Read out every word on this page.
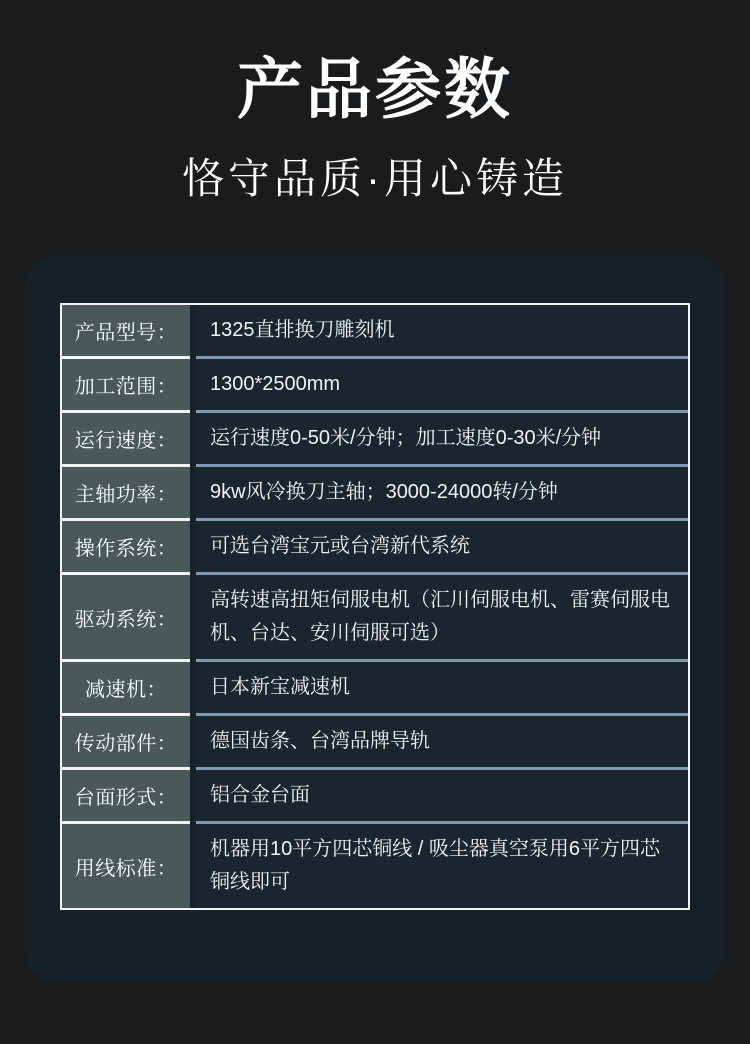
产品参数
恪守品质·用心铸造
产品型号：	1325直排换刀雕刻机
加工范围：	1300*2500mm
运行速度：	运行速度0-50米/分钟；加工速度0-30米/分钟
主轴功率：	9kw风冷换刀主轴；3000-24000转/分钟
操作系统：	可选台湾宝元或台湾新代系统
驱动系统：
高转速高扭矩伺服电机（汇川伺服电机、雷赛伺服电机、台达、安川伺服可选）
减速机：	日本新宝减速机
传动部件：	德国齿条、台湾品牌导轨
台面形式：	铝合金台面
用线标准：
机器用10平方四芯铜线 / 吸尘器真空泵用6平方四芯铜线即可
